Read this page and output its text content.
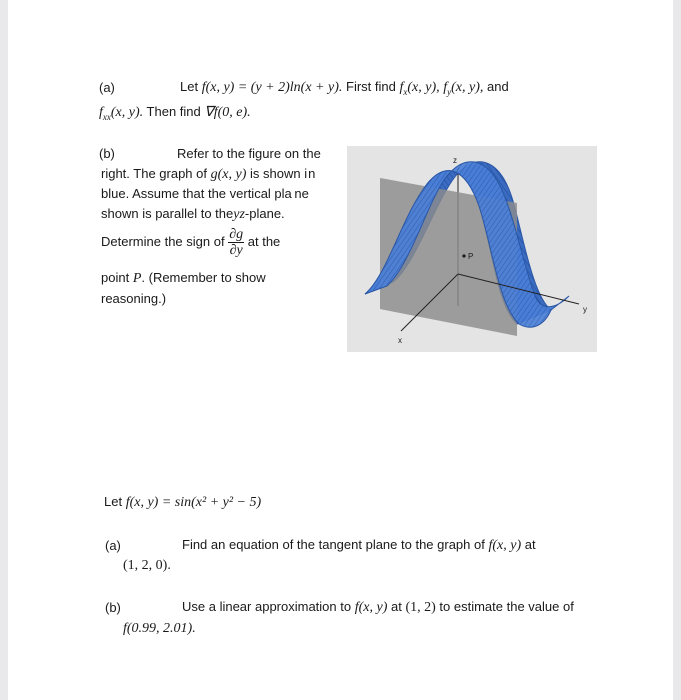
(a)	Let f(x, y) = (y + 2)ln(x + y). First find $f_x(x$, y), $f_y(x$, y), and
$f_{xx}(x$, y). Then find ∇f(0, e).
(b)	Refer to the figure on the
right. The graph of g(x, y) is shown i n
blue. Assume that the vertical pla ne
shown is parallel to theyz-plane.
Determine the sign of $\frac{\partial g}{\partial y}$ at the
point P. (Remember to show
reasoning.)
P
z
y
x
Let f(x, y) = sin(x² + y² − 5)
(a)	Find an equation of the tangent plane to the graph of f(x, y) at
(1, 2, 0).
(b)	Use a linear approximation to f(x, y) at (1, 2) to estimate the value of
f(0.99, 2.01).
